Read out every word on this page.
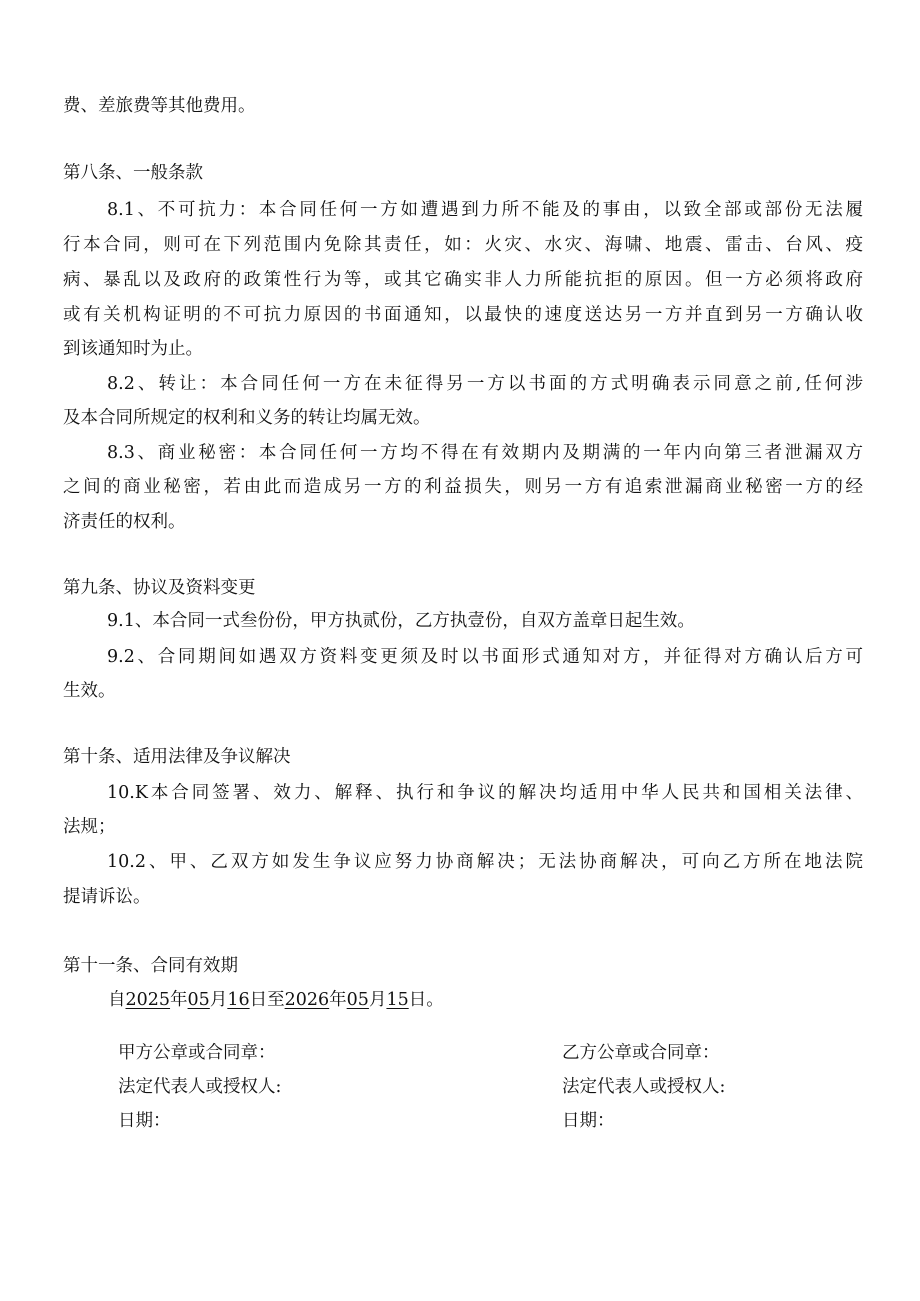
费、差旅费等其他费用。
第八条、一般条款
8.1、不可抗力：本合同任何一方如遭遇到力所不能及的事由，以致全部或部份无法履
行本合同，则可在下列范围内免除其责任，如：火灾、水灾、海啸、地震、雷击、台风、疫
病、暴乱以及政府的政策性行为等，或其它确实非人力所能抗拒的原因。但一方必须将政府
或有关机构证明的不可抗力原因的书面通知，以最快的速度送达另一方并直到另一方确认收
到该通知时为止。
8.2、转让：本合同任何一方在未征得另一方以书面的方式明确表示同意之前,任何涉
及本合同所规定的权利和义务的转让均属无效。
8.3、商业秘密：本合同任何一方均不得在有效期内及期满的一年内向第三者泄漏双方
之间的商业秘密，若由此而造成另一方的利益损失，则另一方有追索泄漏商业秘密一方的经
济责任的权利。
第九条、协议及资料变更
9.1、本合同一式叁份份，甲方执贰份，乙方执壹份，自双方盖章日起生效。
9.2、合同期间如遇双方资料变更须及时以书面形式通知对方，并征得对方确认后方可
生效。
第十条、适用法律及争议解决
10.K本合同签署、效力、解释、执行和争议的解决均适用中华人民共和国相关法律、
法规；
10.2、甲、乙双方如发生争议应努力协商解决；无法协商解决，可向乙方所在地法院
提请诉讼。
第十一条、合同有效期
自2025年05月16日至2026年05月15日。
甲方公章或合同章：
法定代表人或授权人:
日期：
乙方公章或合同章：
法定代表人或授权人:
日期：
